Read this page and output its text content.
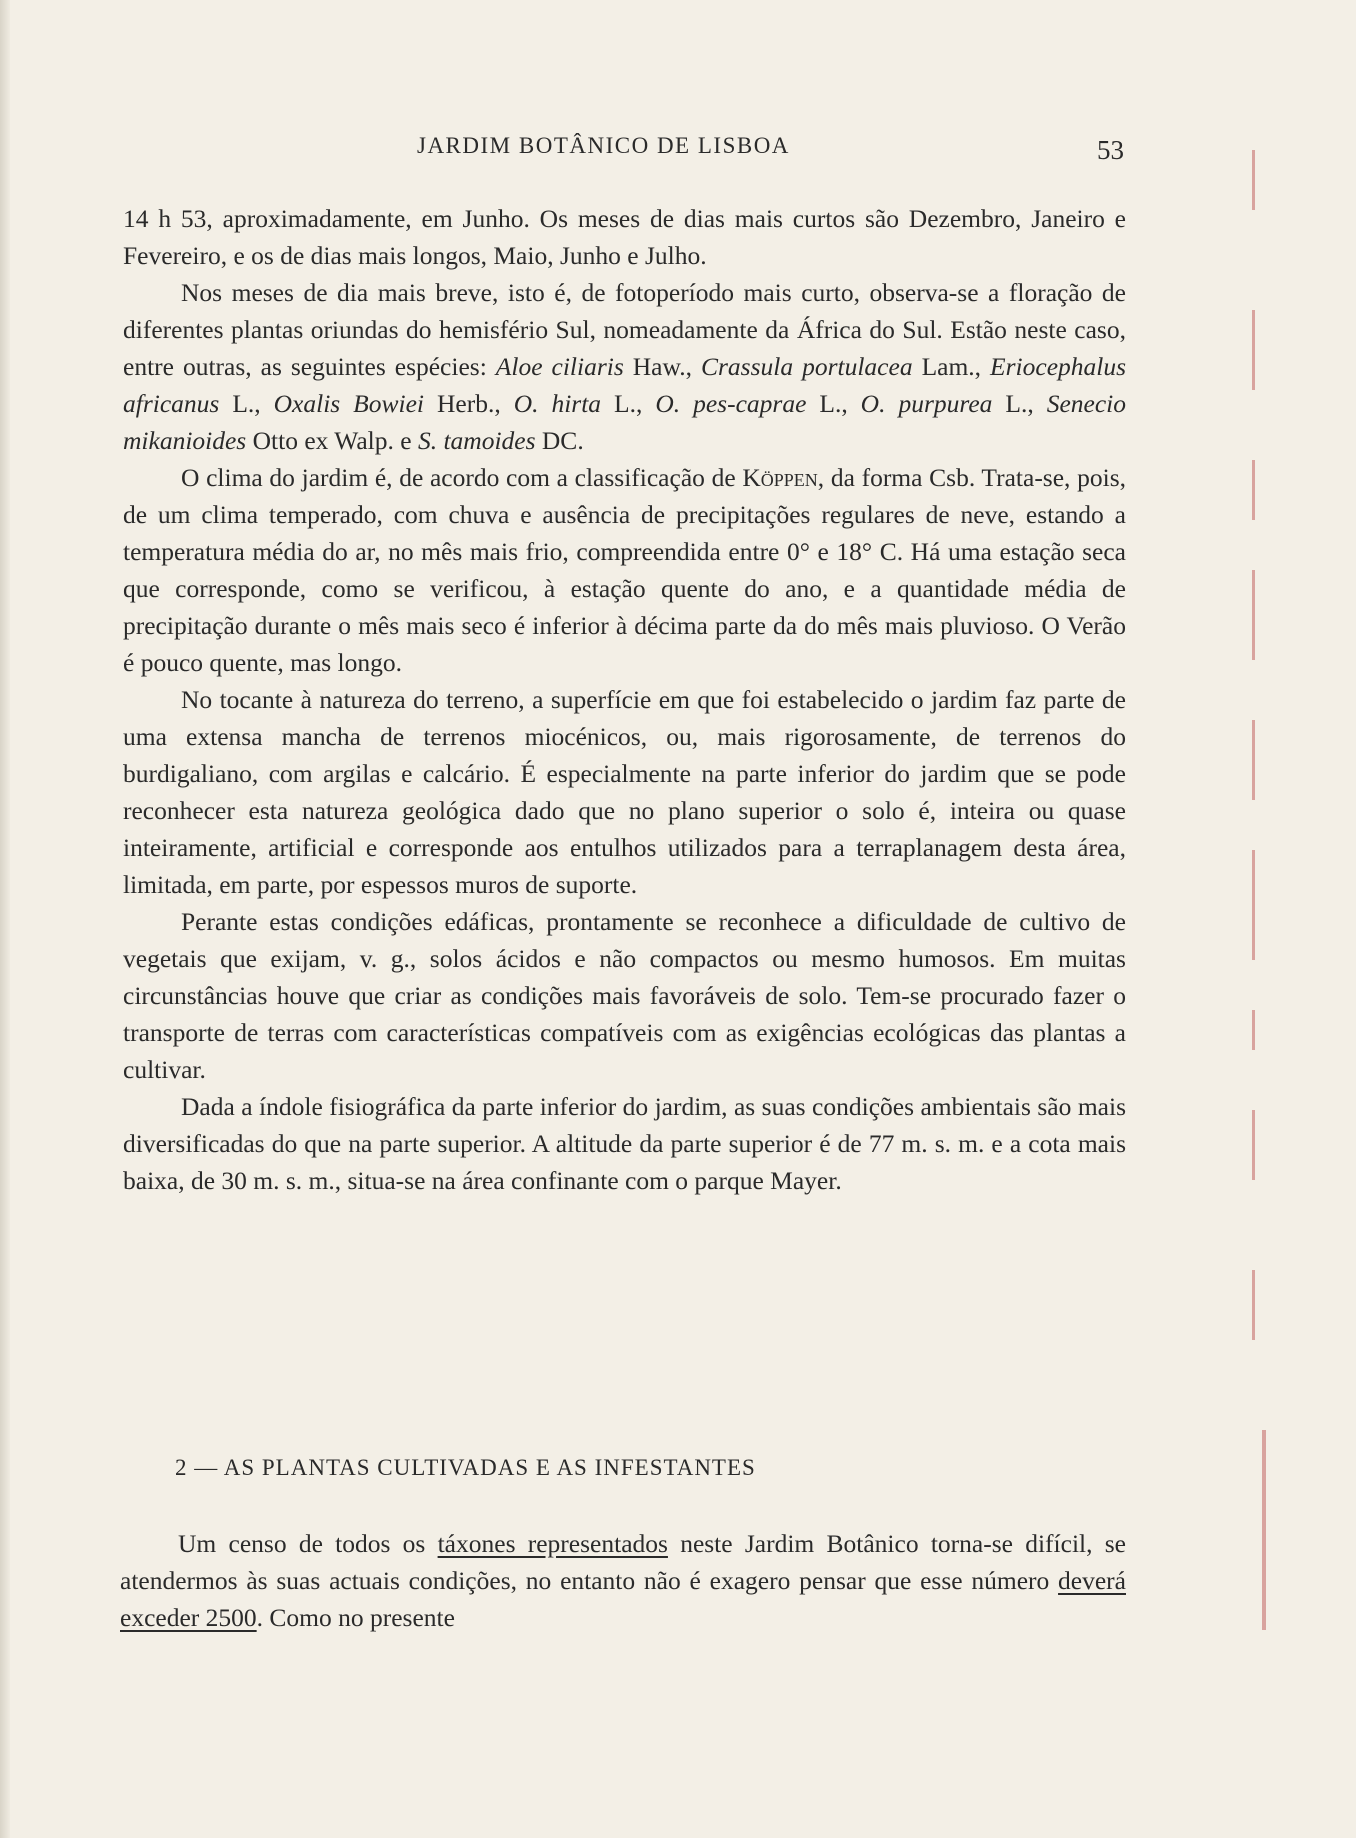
JARDIM BOTÂNICO DE LISBOA	53

14 h 53, aproximadamente, em Junho. Os meses de dias mais curtos são Dezembro, Janeiro e Fevereiro, e os de dias mais longos, Maio, Junho e Julho.

Nos meses de dia mais breve, isto é, de fotoperíodo mais curto, observa-se a floração de diferentes plantas oriundas do hemisfério Sul, nomeadamente da África do Sul. Estão neste caso, entre outras, as seguintes espécies: Aloe ciliaris Haw., Crassula portulacea Lam., Eriocephalus africanus L., Oxalis Bowiei Herb., O. hirta L., O. pes-caprae L., O. purpurea L., Senecio mikanioides Otto ex Walp. e S. tamoides DC.

O clima do jardim é, de acordo com a classificação de Köppen, da forma Csb. Trata-se, pois, de um clima temperado, com chuva e ausência de precipitações regulares de neve, estando a temperatura média do ar, no mês mais frio, compreendida entre 0° e 18° C. Há uma estação seca que corresponde, como se verificou, à estação quente do ano, e a quantidade média de precipitação durante o mês mais seco é inferior à décima parte da do mês mais pluvioso. O Verão é pouco quente, mas longo.

No tocante à natureza do terreno, a superfície em que foi estabelecido o jardim faz parte de uma extensa mancha de terrenos miocénicos, ou, mais rigorosamente, de terrenos do burdigaliano, com argilas e calcário. É especialmente na parte inferior do jardim que se pode reconhecer esta natureza geológica dado que no plano superior o solo é, inteira ou quase inteiramente, artificial e corresponde aos entulhos utilizados para a terraplanagem desta área, limitada, em parte, por espessos muros de suporte.

Perante estas condições edáficas, prontamente se reconhece a dificuldade de cultivo de vegetais que exijam, v. g., solos ácidos e não compactos ou mesmo humosos. Em muitas circunstâncias houve que criar as condições mais favoráveis de solo. Tem-se procurado fazer o transporte de terras com características compatíveis com as exigências ecológicas das plantas a cultivar.

Dada a índole fisiográfica da parte inferior do jardim, as suas condições ambientais são mais diversificadas do que na parte superior. A altitude da parte superior é de 77 m. s. m. e a cota mais baixa, de 30 m. s. m., situa-se na área confinante com o parque Mayer.

2 — AS PLANTAS CULTIVADAS E AS INFESTANTES

Um censo de todos os táxones representados neste Jardim Botânico torna-se difícil, se atendermos às suas actuais condições, no entanto não é exagero pensar que esse número deverá exceder 2500. Como no presente
